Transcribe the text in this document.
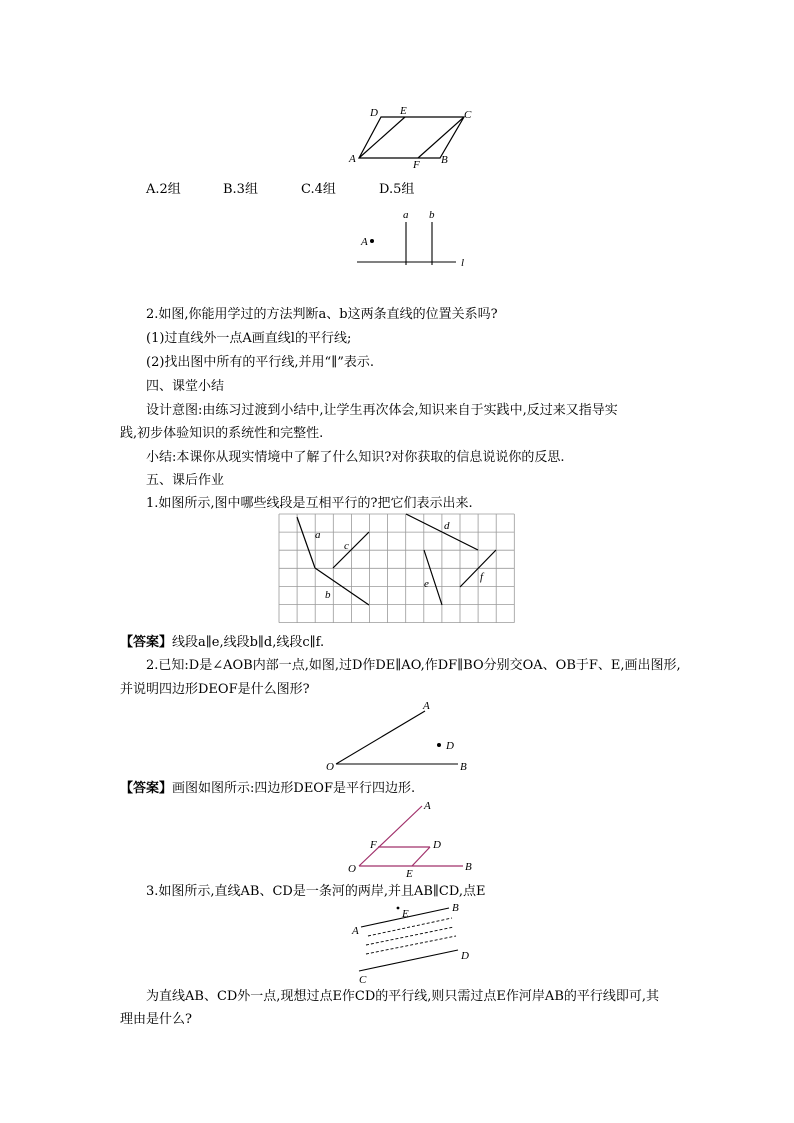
D E	C
A	F B
A.2组	B.3组	C.4组	D.5组
a b
A
l
2.如图,你能用学过的方法判断a、b这两条直线的位置关系吗?
(1)过直线外一点A画直线l的平行线;
(2)找出图中所有的平行线,并用“∥”表示.
四、课堂小结
设计意图:由练习过渡到小结中,让学生再次体会,知识来自于实践中,反过来又指导实
践,初步体验知识的系统性和完整性.
小结:本课你从现实情境中了解了什么知识?对你获取的信息说说你的反思.
五、课后作业
1.如图所示,图中哪些线段是互相平行的?把它们表示出来.
a
b
c
d
e
f
【答案】线段a∥e,线段b∥d,线段c∥f.
2.已知:D是∠AOB内部一点,如图,过D作DE∥AO,作DF∥BO分别交OA、OB于F、E,画出图形,
并说明四边形DEOF是什么图形?
A
D
O	B
【答案】画图如图所示:四边形DEOF是平行四边形.
A
F	D
O	E
B
3.如图所示,直线AB、CD是一条河的两岸,并且AB∥CD,点E
E	B
A
D
C
为直线AB、CD外一点,现想过点E作CD的平行线,则只需过点E作河岸AB的平行线即可,其
理由是什么?
